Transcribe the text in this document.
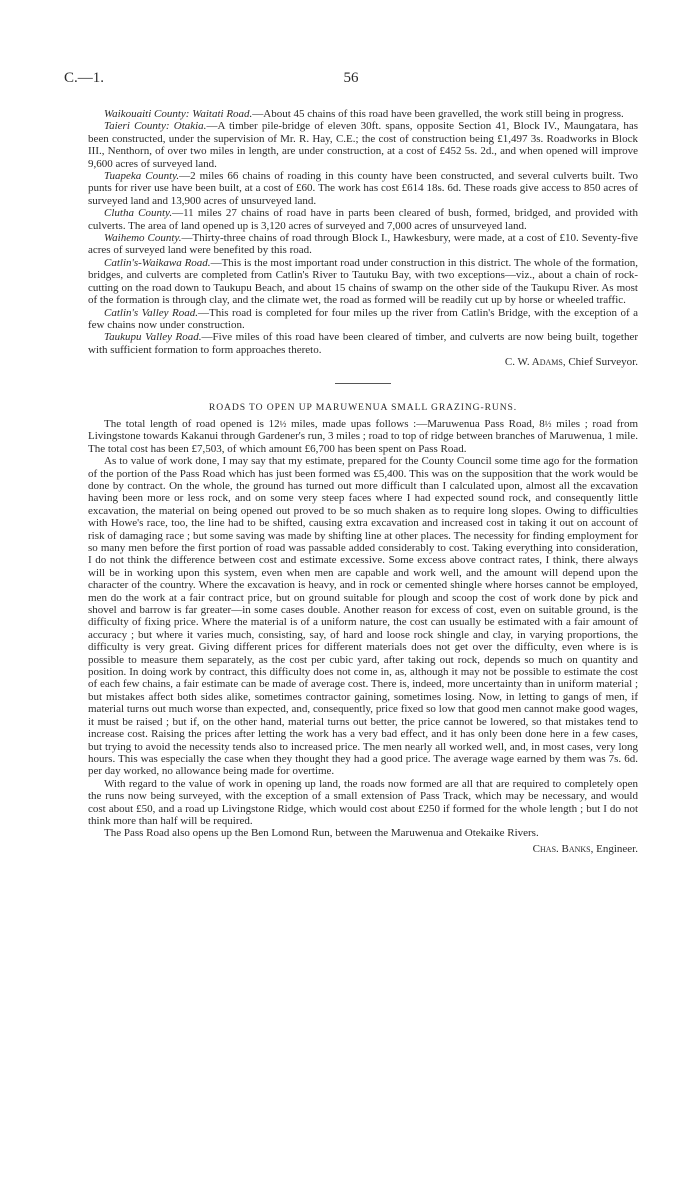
C.—1.	56

Waikouaiti County: Waitati Road.—About 45 chains of this road have been gravelled, the work still being in progress.

Taieri County: Otakia.—A timber pile-bridge of eleven 30ft. spans, opposite Section 41, Block IV., Maungatara, has been constructed, under the supervision of Mr. R. Hay, C.E.; the cost of construction being £1,497 3s. Roadworks in Block III., Nenthorn, of over two miles in length, are under construction, at a cost of £452 5s. 2d., and when opened will improve 9,600 acres of surveyed land.

Tuapeka County.—2 miles 66 chains of roading in this county have been constructed, and several culverts built. Two punts for river use have been built, at a cost of £60. The work has cost £614 18s. 6d. These roads give access to 850 acres of surveyed land and 13,900 acres of unsurveyed land.

Clutha County.—11 miles 27 chains of road have in parts been cleared of bush, formed, bridged, and provided with culverts. The area of land opened up is 3,120 acres of surveyed and 7,000 acres of unsurveyed land.

Waihemo County.—Thirty-three chains of road through Block I., Hawkesbury, were made, at a cost of £10. Seventy-five acres of surveyed land were benefited by this road.

Catlin's-Waikawa Road.—This is the most important road under construction in this district. The whole of the formation, bridges, and culverts are completed from Catlin's River to Tautuku Bay, with two exceptions—viz., about a chain of rock-cutting on the road down to Taukupu Beach, and about 15 chains of swamp on the other side of the Taukupu River. As most of the formation is through clay, and the climate wet, the road as formed will be readily cut up by horse or wheeled traffic.

Catlin's Valley Road.—This road is completed for four miles up the river from Catlin's Bridge, with the exception of a few chains now under construction.

Taukupu Valley Road.—Five miles of this road have been cleared of timber, and culverts are now being built, together with sufficient formation to form approaches thereto.

C. W. Adams, Chief Surveyor.

ROADS TO OPEN UP MARUWENUA SMALL GRAZING-RUNS.

The total length of road opened is 12½ miles, made upas follows :—Maruwenua Pass Road, 8½ miles ; road from Livingstone towards Kakanui through Gardener's run, 3 miles ; road to top of ridge between branches of Maruwenua, 1 mile. The total cost has been £7,503, of which amount £6,700 has been spent on Pass Road.

As to value of work done, I may say that my estimate, prepared for the County Council some time ago for the formation of the portion of the Pass Road which has just been formed was £5,400. This was on the supposition that the work would be done by contract. On the whole, the ground has turned out more difficult than I calculated upon, almost all the excavation having been more or less rock, and on some very steep faces where I had expected sound rock, and consequently little excavation, the material on being opened out proved to be so much shaken as to require long slopes. Owing to difficulties with Howe's race, too, the line had to be shifted, causing extra excavation and increased cost in taking it out on account of risk of damaging race ; but some saving was made by shifting line at other places. The necessity for finding employment for so many men before the first portion of road was passable added considerably to cost. Taking everything into consideration, I do not think the difference between cost and estimate excessive. Some excess above contract rates, I think, there always will be in working upon this system, even when men are capable and work well, and the amount will depend upon the character of the country. Where the excavation is heavy, and in rock or cemented shingle where horses cannot be employed, men do the work at a fair contract price, but on ground suitable for plough and scoop the cost of work done by pick and shovel and barrow is far greater—in some cases double. Another reason for excess of cost, even on suitable ground, is the difficulty of fixing price. Where the material is of a uniform nature, the cost can usually be estimated with a fair amount of accuracy ; but where it varies much, consisting, say, of hard and loose rock shingle and clay, in varying proportions, the difficulty is very great. Giving different prices for different materials does not get over the difficulty, even where is is possible to measure them separately, as the cost per cubic yard, after taking out rock, depends so much on quantity and position. In doing work by contract, this difficulty does not come in, as, although it may not be possible to estimate the cost of each few chains, a fair estimate can be made of average cost. There is, indeed, more uncertainty than in uniform material ; but mistakes affect both sides alike, sometimes contractor gaining, sometimes losing. Now, in letting to gangs of men, if material turns out much worse than expected, and, consequently, price fixed so low that good men cannot make good wages, it must be raised ; but if, on the other hand, material turns out better, the price cannot be lowered, so that mistakes tend to increase cost. Raising the prices after letting the work has a very bad effect, and it has only been done here in a few cases, but trying to avoid the necessity tends also to increased price. The men nearly all worked well, and, in most cases, very long hours. This was especially the case when they thought they had a good price. The average wage earned by them was 7s. 6d. per day worked, no allowance being made for overtime.

With regard to the value of work in opening up land, the roads now formed are all that are required to completely open the runs now being surveyed, with the exception of a small extension of Pass Track, which may be necessary, and would cost about £50, and a road up Livingstone Ridge, which would cost about £250 if formed for the whole length ; but I do not think more than half will be required.

The Pass Road also opens up the Ben Lomond Run, between the Maruwenua and Otekaike Rivers.

Chas. Banks, Engineer.
